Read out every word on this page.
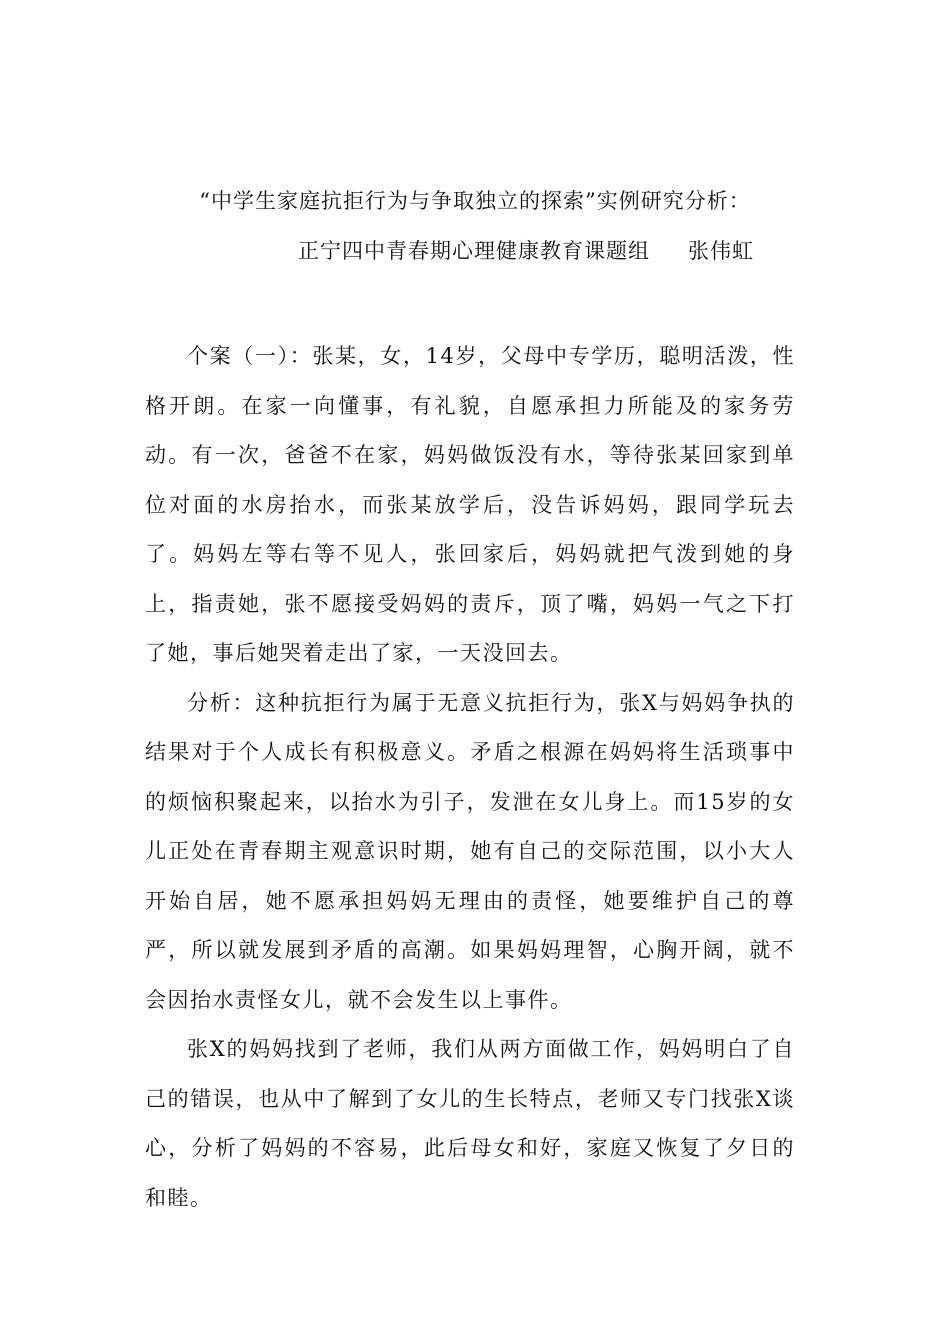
“中学生家庭抗拒行为与争取独立的探索”实例研究分析：
正宁四中青春期心理健康教育课题组 张伟虹

个案（一）：张某，女，14岁，父母中专学历，聪明活泼，性格开朗。在家一向懂事，有礼貌，自愿承担力所能及的家务劳动。有一次，爸爸不在家，妈妈做饭没有水，等待张某回家到单位对面的水房抬水，而张某放学后，没告诉妈妈，跟同学玩去了。妈妈左等右等不见人，张回家后，妈妈就把气泼到她的身上，指责她，张不愿接受妈妈的责斥，顶了嘴，妈妈一气之下打了她，事后她哭着走出了家，一天没回去。

分析：这种抗拒行为属于无意义抗拒行为，张X与妈妈争执的结果对于个人成长有积极意义。矛盾之根源在妈妈将生活琐事中的烦恼积聚起来，以抬水为引子，发泄在女儿身上。而15岁的女儿正处在青春期主观意识时期，她有自己的交际范围，以小大人开始自居，她不愿承担妈妈无理由的责怪，她要维护自己的尊严，所以就发展到矛盾的高潮。如果妈妈理智，心胸开阔，就不会因抬水责怪女儿，就不会发生以上事件。

张X的妈妈找到了老师，我们从两方面做工作，妈妈明白了自己的错误，也从中了解到了女儿的生长特点，老师又专门找张X谈心，分析了妈妈的不容易，此后母女和好，家庭又恢复了夕日的和睦。
